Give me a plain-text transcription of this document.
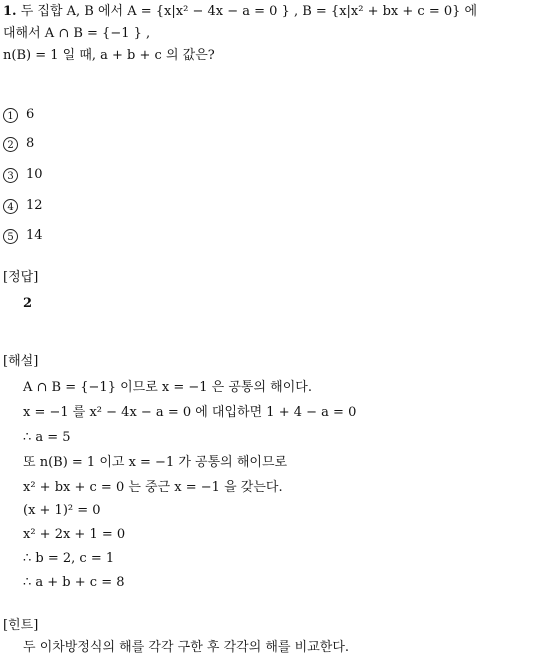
1. 두 집합 A, B 에서 A = {x|x² − 4x − a = 0 } , B = {x|x² + bx + c = 0} 에
대해서 A ∩ B = {−1 } ,
n(B) = 1 일 때, a + b + c 의 값은?
1 6
2 8
3 10
4 12
5 14
[정답]
2
[해설]
A ∩ B = {−1} 이므로 x = −1 은 공통의 해이다.
x = −1 를 x² − 4x − a = 0 에 대입하면 1 + 4 − a = 0
∴ a = 5
또 n(B) = 1 이고 x = −1 가 공통의 해이므로
x² + bx + c = 0 는 중근 x = −1 을 갖는다.
(x + 1)² = 0
x² + 2x + 1 = 0
∴ b = 2, c = 1
∴ a + b + c = 8
[힌트]
두 이차방정식의 해를 각각 구한 후 각각의 해를 비교한다.
